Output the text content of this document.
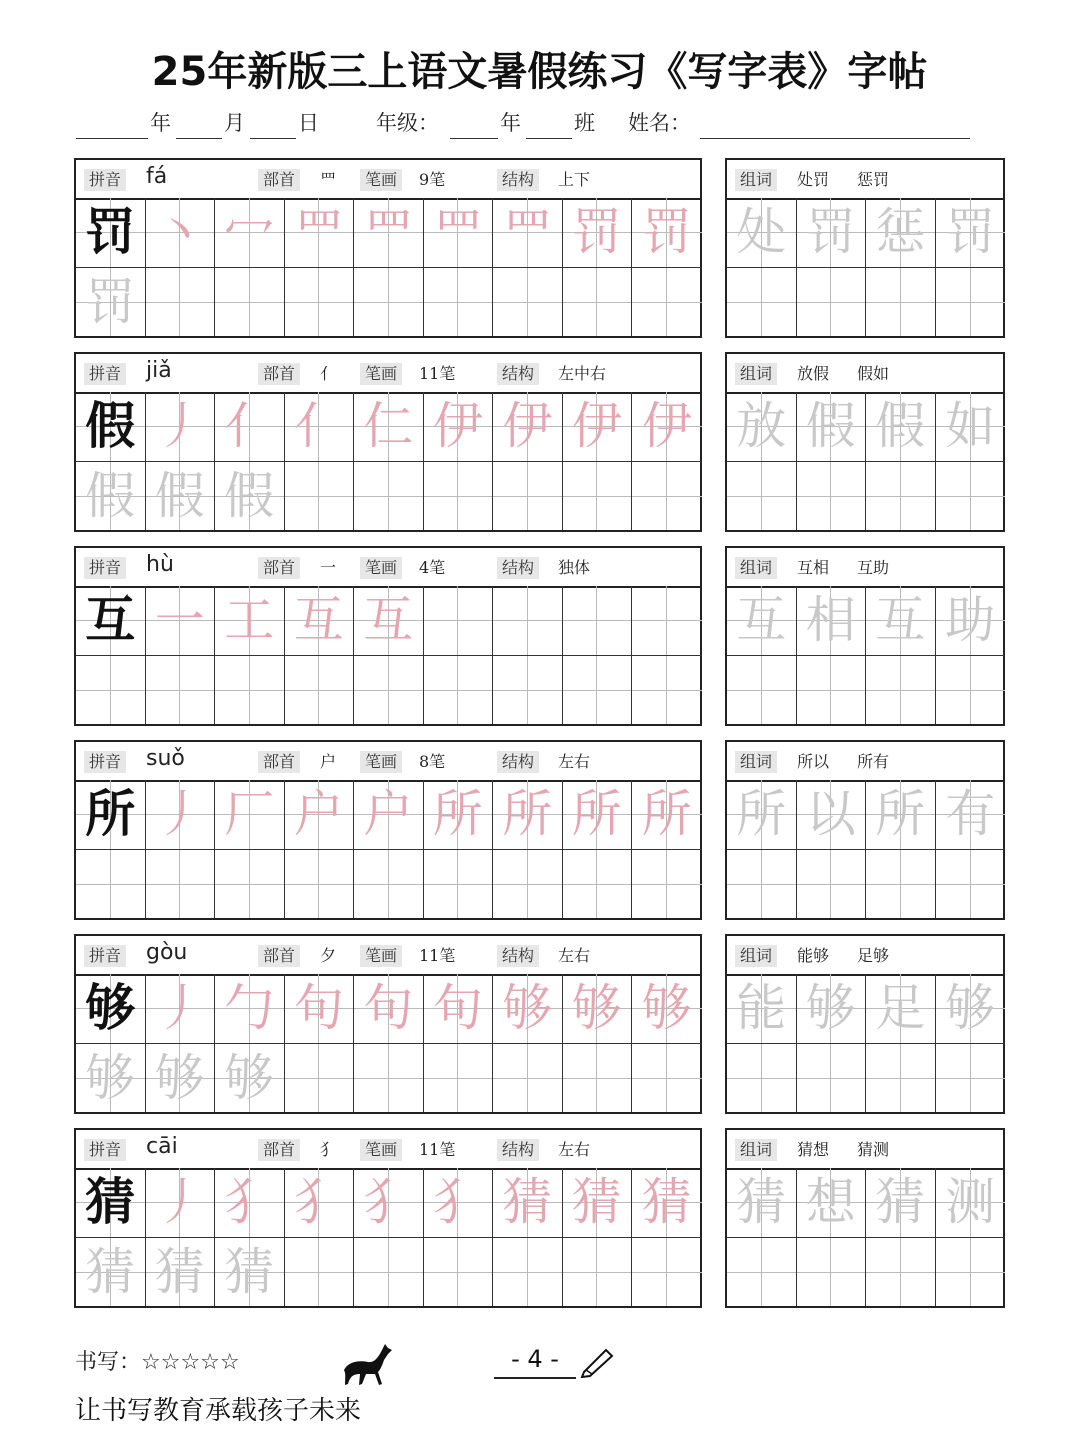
25年新版三上语文暑假练习《写字表》字帖
年	月	日	年级：	年	班 姓名：
拼音 fá	部首	罒	笔画	9笔	结构	上下
罚 丶 冖 罒 罒 罒 罒 罚 罚
罚
组词	处罚 惩罚
处 罚 惩 罚
拼音 jiǎ	部首	亻	笔画	11笔	结构	左中右
假 丿 亻 亻 仁 伊 伊 伊 伊
假 假 假
组词	放假 假如
放 假 假 如
拼音 hù	部首	一	笔画	4笔	结构	独体
互 一 工 互 互
组词	互相 互助
互 相 互 助
拼音 suǒ	部首	户	笔画	8笔	结构	左右
所 丿 厂 户 户 所 所 所 所
组词	所以 所有
所 以 所 有
拼音 gòu	部首	夕	笔画	11笔	结构	左右
够 丿 勹 句 句 句 够 够 够
够 够 够
组词	能够 足够
能 够 足 够
拼音 cāi	部首	犭	笔画	11笔	结构	左右
猜 丿 犭 犭 犭 犭 猜 猜 猜
猜 猜 猜
组词	猜想 猜测
猜 想 猜 测
书写：☆☆☆☆☆	- 4 -
让书写教育承载孩子未来
